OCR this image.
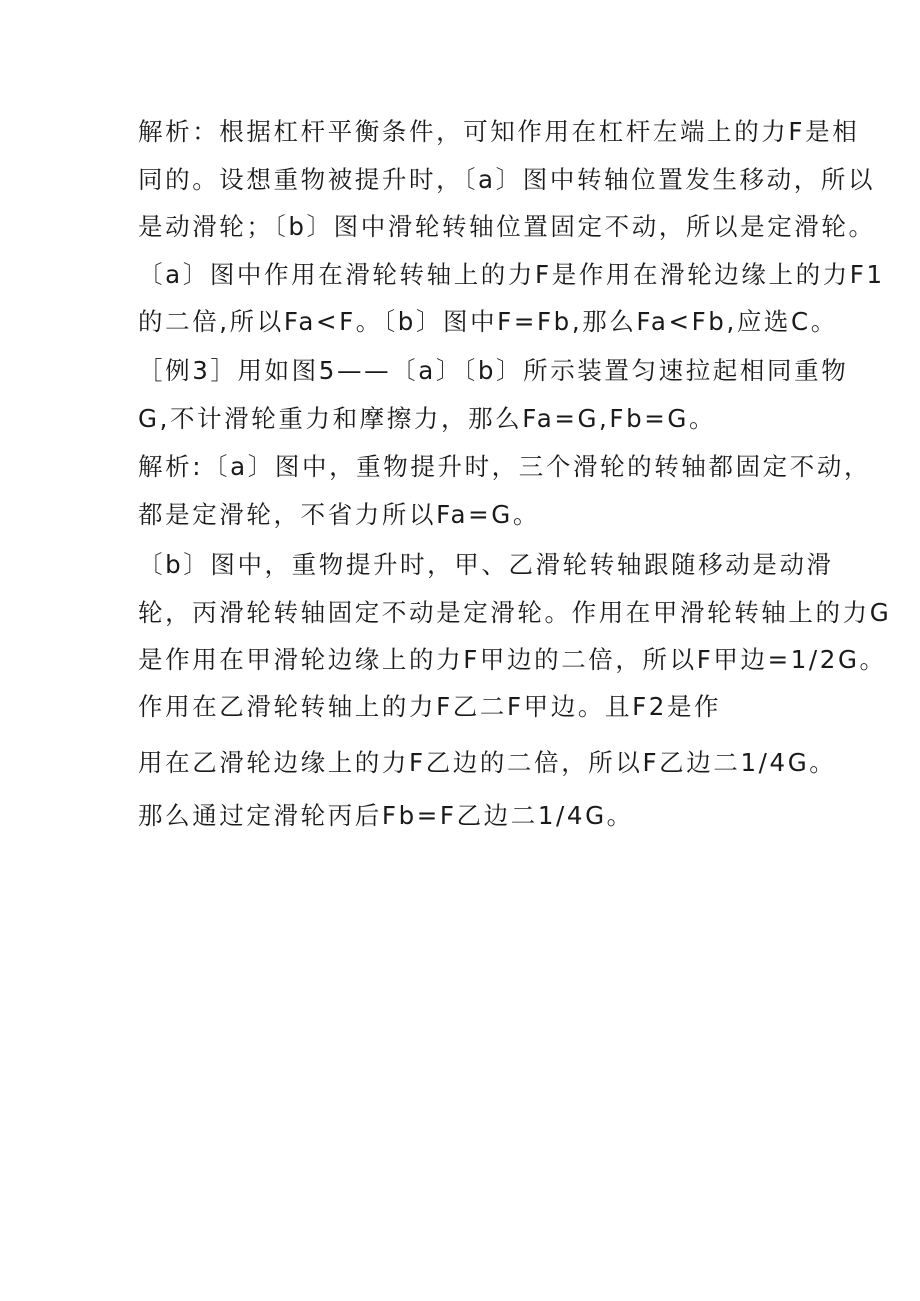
解析：根据杠杆平衡条件，可知作用在杠杆左端上的力F是相
同的。设想重物被提升时，〔a〕图中转轴位置发生移动，所以
是动滑轮；〔b〕图中滑轮转轴位置固定不动，所以是定滑轮。
〔a〕图中作用在滑轮转轴上的力F是作用在滑轮边缘上的力F1
的二倍,所以Fa<F。〔b〕图中F=Fb,那么Fa<Fb,应选C。
［例3］用如图5——〔a〕〔b〕所示装置匀速拉起相同重物
G,不计滑轮重力和摩擦力，那么Fa=G,Fb=G。
解析:〔a〕图中，重物提升时，三个滑轮的转轴都固定不动，
都是定滑轮，不省力所以Fa=G。
〔b〕图中，重物提升时，甲、乙滑轮转轴跟随移动是动滑
轮，丙滑轮转轴固定不动是定滑轮。作用在甲滑轮转轴上的力G
是作用在甲滑轮边缘上的力F甲边的二倍，所以F甲边=1/2G。
作用在乙滑轮转轴上的力F乙二F甲边。且F2是作
用在乙滑轮边缘上的力F乙边的二倍，所以F乙边二1/4G。
那么通过定滑轮丙后Fb=F乙边二1/4G。
